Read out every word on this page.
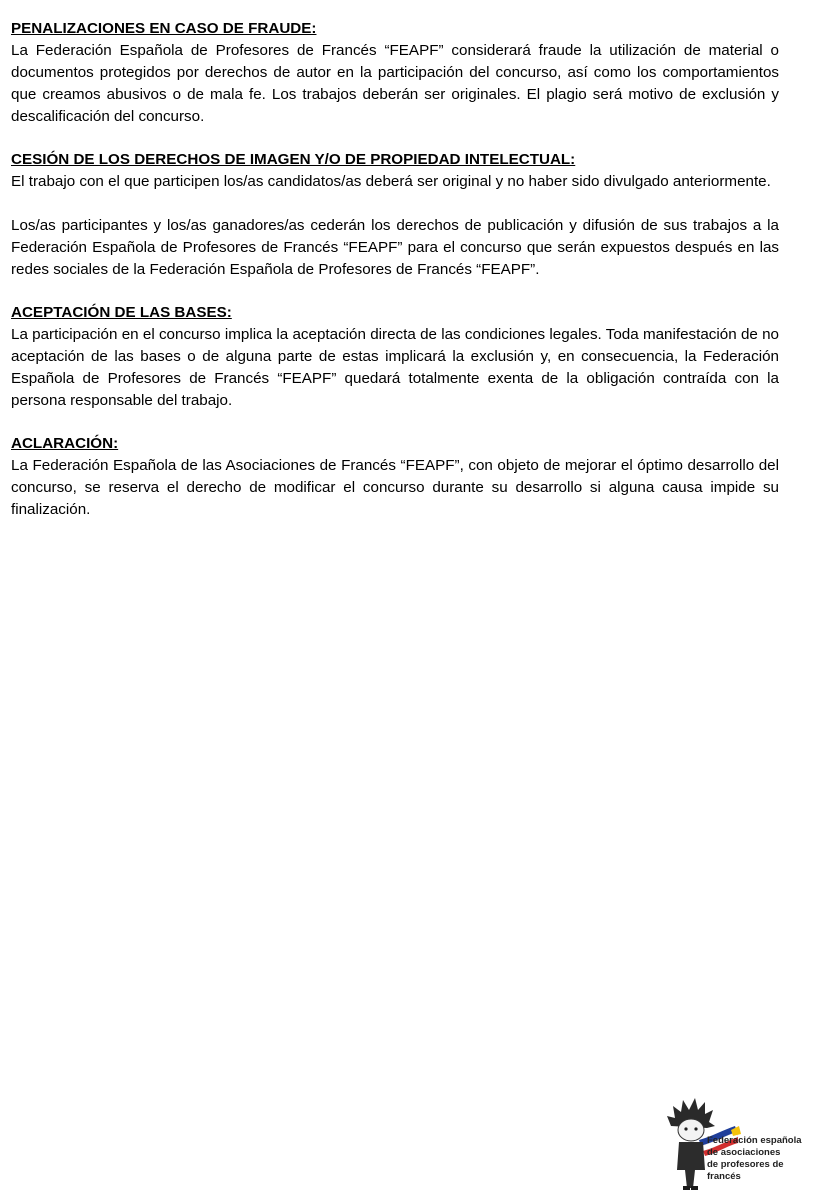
PENALIZACIONES EN CASO DE FRAUDE:

La Federación Española de Profesores de Francés “FEAPF” considerará fraude la utilización de material o documentos protegidos por derechos de autor en la participación del concurso, así como los comportamientos que creamos abusivos o de mala fe. Los trabajos deberán ser originales. El plagio será motivo de exclusión y descalificación del concurso.

CESIÓN DE LOS DERECHOS DE IMAGEN Y/O DE PROPIEDAD INTELECTUAL:

El trabajo con el que participen los/as candidatos/as deberá ser original y no haber sido divulgado anteriormente.

Los/as participantes y los/as ganadores/as cederán los derechos de publicación y difusión de sus trabajos a la Federación Española de Profesores de Francés “FEAPF” para el concurso que serán expuestos después en las redes sociales de la Federación Española de Profesores de Francés “FEAPF”.

ACEPTACIÓN DE LAS BASES:

La participación en el concurso implica la aceptación directa de las condiciones legales. Toda manifestación de no aceptación de las bases o de alguna parte de estas implicará la exclusión y, en consecuencia, la Federación Española de Profesores de Francés “FEAPF” quedará totalmente exenta de la obligación contraída con la persona responsable del trabajo.

ACLARACIÓN:

La Federación Española de las Asociaciones de Francés “FEAPF”, con objeto de mejorar el óptimo desarrollo del concurso, se reserva el derecho de modificar el concurso durante su desarrollo si alguna causa impide su finalización.

Federación española
de asociaciones
de profesores de francés
